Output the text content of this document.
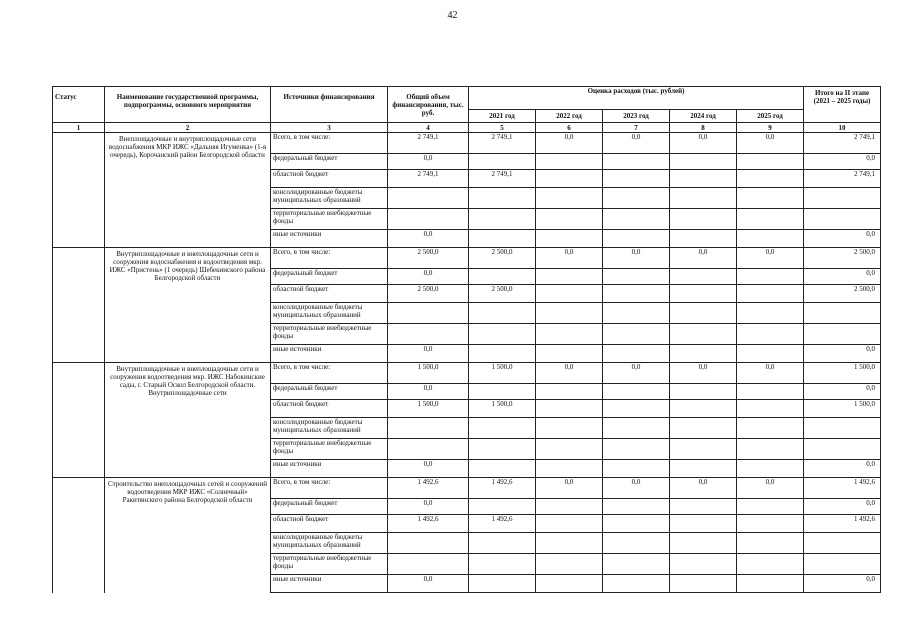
42
Статус	Наименование государственной программы, подпрограммы, основного мероприятия	Источники финансирования	Общий объем финансирования, тыс. руб.	Оценка расходов (тыс. рублей)					Итого на II этапе (2021 – 2025 годы)
				2021 год	2022 год	2023 год	2024 год	2025 год	
1	2	3	4	5	6	7	8	9	10
	Внеплощадочные и внутриплощадочные сети водоснабжения МКР ИЖС «Дальняя Игуменка» (1-я очередь), Корочанский район Белгородской области	Всего, в том числе:	2 749,1	2 749,1	0,0	0,0	0,0	0,0	2 749,1
		федеральный бюджет	0,0						0,0
		областной бюджет	2 749,1	2 749,1					2 749,1
		консолидированные бюджеты муниципальных образований							
		территориальные внебюджетные фонды							
		иные источники	0,0						0,0
	Внутриплощадочные и внеплощадочные сети и сооружения водоснабжения и водоотведения мкр. ИЖС «Пристень» (1 очередь) Шебекинского района Белгородской области	Всего, в том числе:	2 500,0	2 500,0	0,0	0,0	0,0	0,0	2 500,0
		федеральный бюджет	0,0						0,0
		областной бюджет	2 500,0	2 500,0					2 500,0
		консолидированные бюджеты муниципальных образований							
		территориальные внебюджетные фонды							
		иные источники	0,0						0,0
	Внутриплощадочные и внеплощадочные сети и сооружения водоотведения мкр. ИЖС Набокинские сады, г. Старый Оскол Белгородской области. Внутриплощадочные сети	Всего, в том числе:	1 500,0	1 500,0	0,0	0,0	0,0	0,0	1 500,0
		федеральный бюджет	0,0						0,0
		областной бюджет	1 500,0	1 500,0					1 500,0
		консолидированные бюджеты муниципальных образований							
		территориальные внебюджетные фонды							
		иные источники	0,0						0,0
	Строительство внеплощадочных сетей и сооружений водоотведения МКР ИЖС «Солнечный» Ракитянского района Белгородской области	Всего, в том числе:	1 492,6	1 492,6	0,0	0,0	0,0	0,0	1 492,6
		федеральный бюджет	0,0						0,0
		областной бюджет	1 492,6	1 492,6					1 492,6
		консолидированные бюджеты муниципальных образований							
		территориальные внебюджетные фонды							
		иные источники	0,0						0,0
